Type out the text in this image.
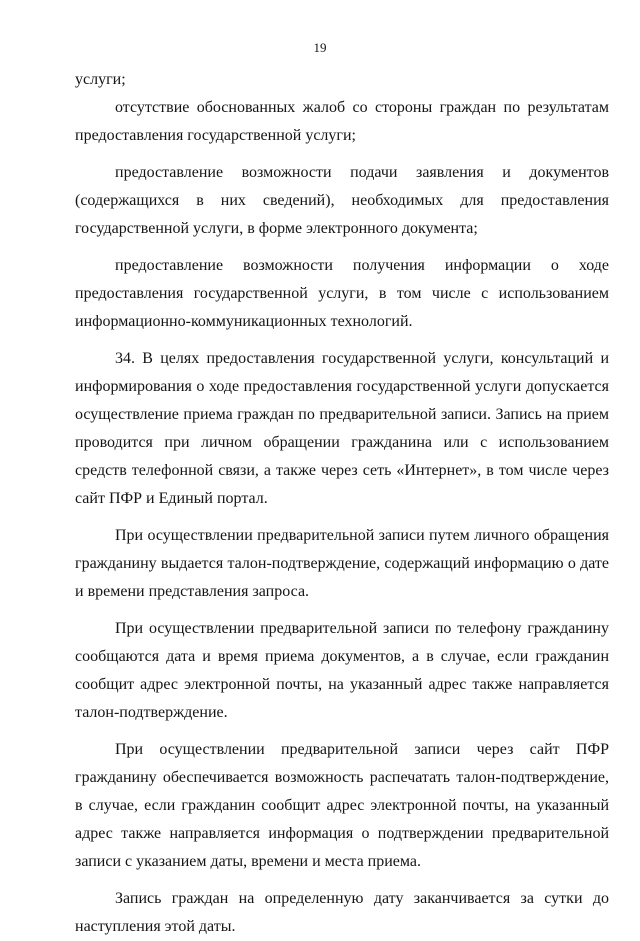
19

услуги;

отсутствие обоснованных жалоб со стороны граждан по результатам предоставления государственной услуги;

предоставление возможности подачи заявления и документов (содержащихся в них сведений), необходимых для предоставления государственной услуги, в форме электронного документа;

предоставление возможности получения информации о ходе предоставления государственной услуги, в том числе с использованием информационно-коммуникационных технологий.

34. В целях предоставления государственной услуги, консультаций и информирования о ходе предоставления государственной услуги допускается осуществление приема граждан по предварительной записи. Запись на прием проводится при личном обращении гражданина или с использованием средств телефонной связи, а также через сеть «Интернет», в том числе через сайт ПФР и Единый портал.

При осуществлении предварительной записи путем личного обращения гражданину выдается талон-подтверждение, содержащий информацию о дате и времени представления запроса.

При осуществлении предварительной записи по телефону гражданину сообщаются дата и время приема документов, а в случае, если гражданин сообщит адрес электронной почты, на указанный адрес также направляется талон-подтверждение.

При осуществлении предварительной записи через сайт ПФР гражданину обеспечивается возможность распечатать талон-подтверждение, в случае, если гражданин сообщит адрес электронной почты, на указанный адрес также направляется информация о подтверждении предварительной записи с указанием даты, времени и места приема.

Запись граждан на определенную дату заканчивается за сутки до наступления этой даты.
